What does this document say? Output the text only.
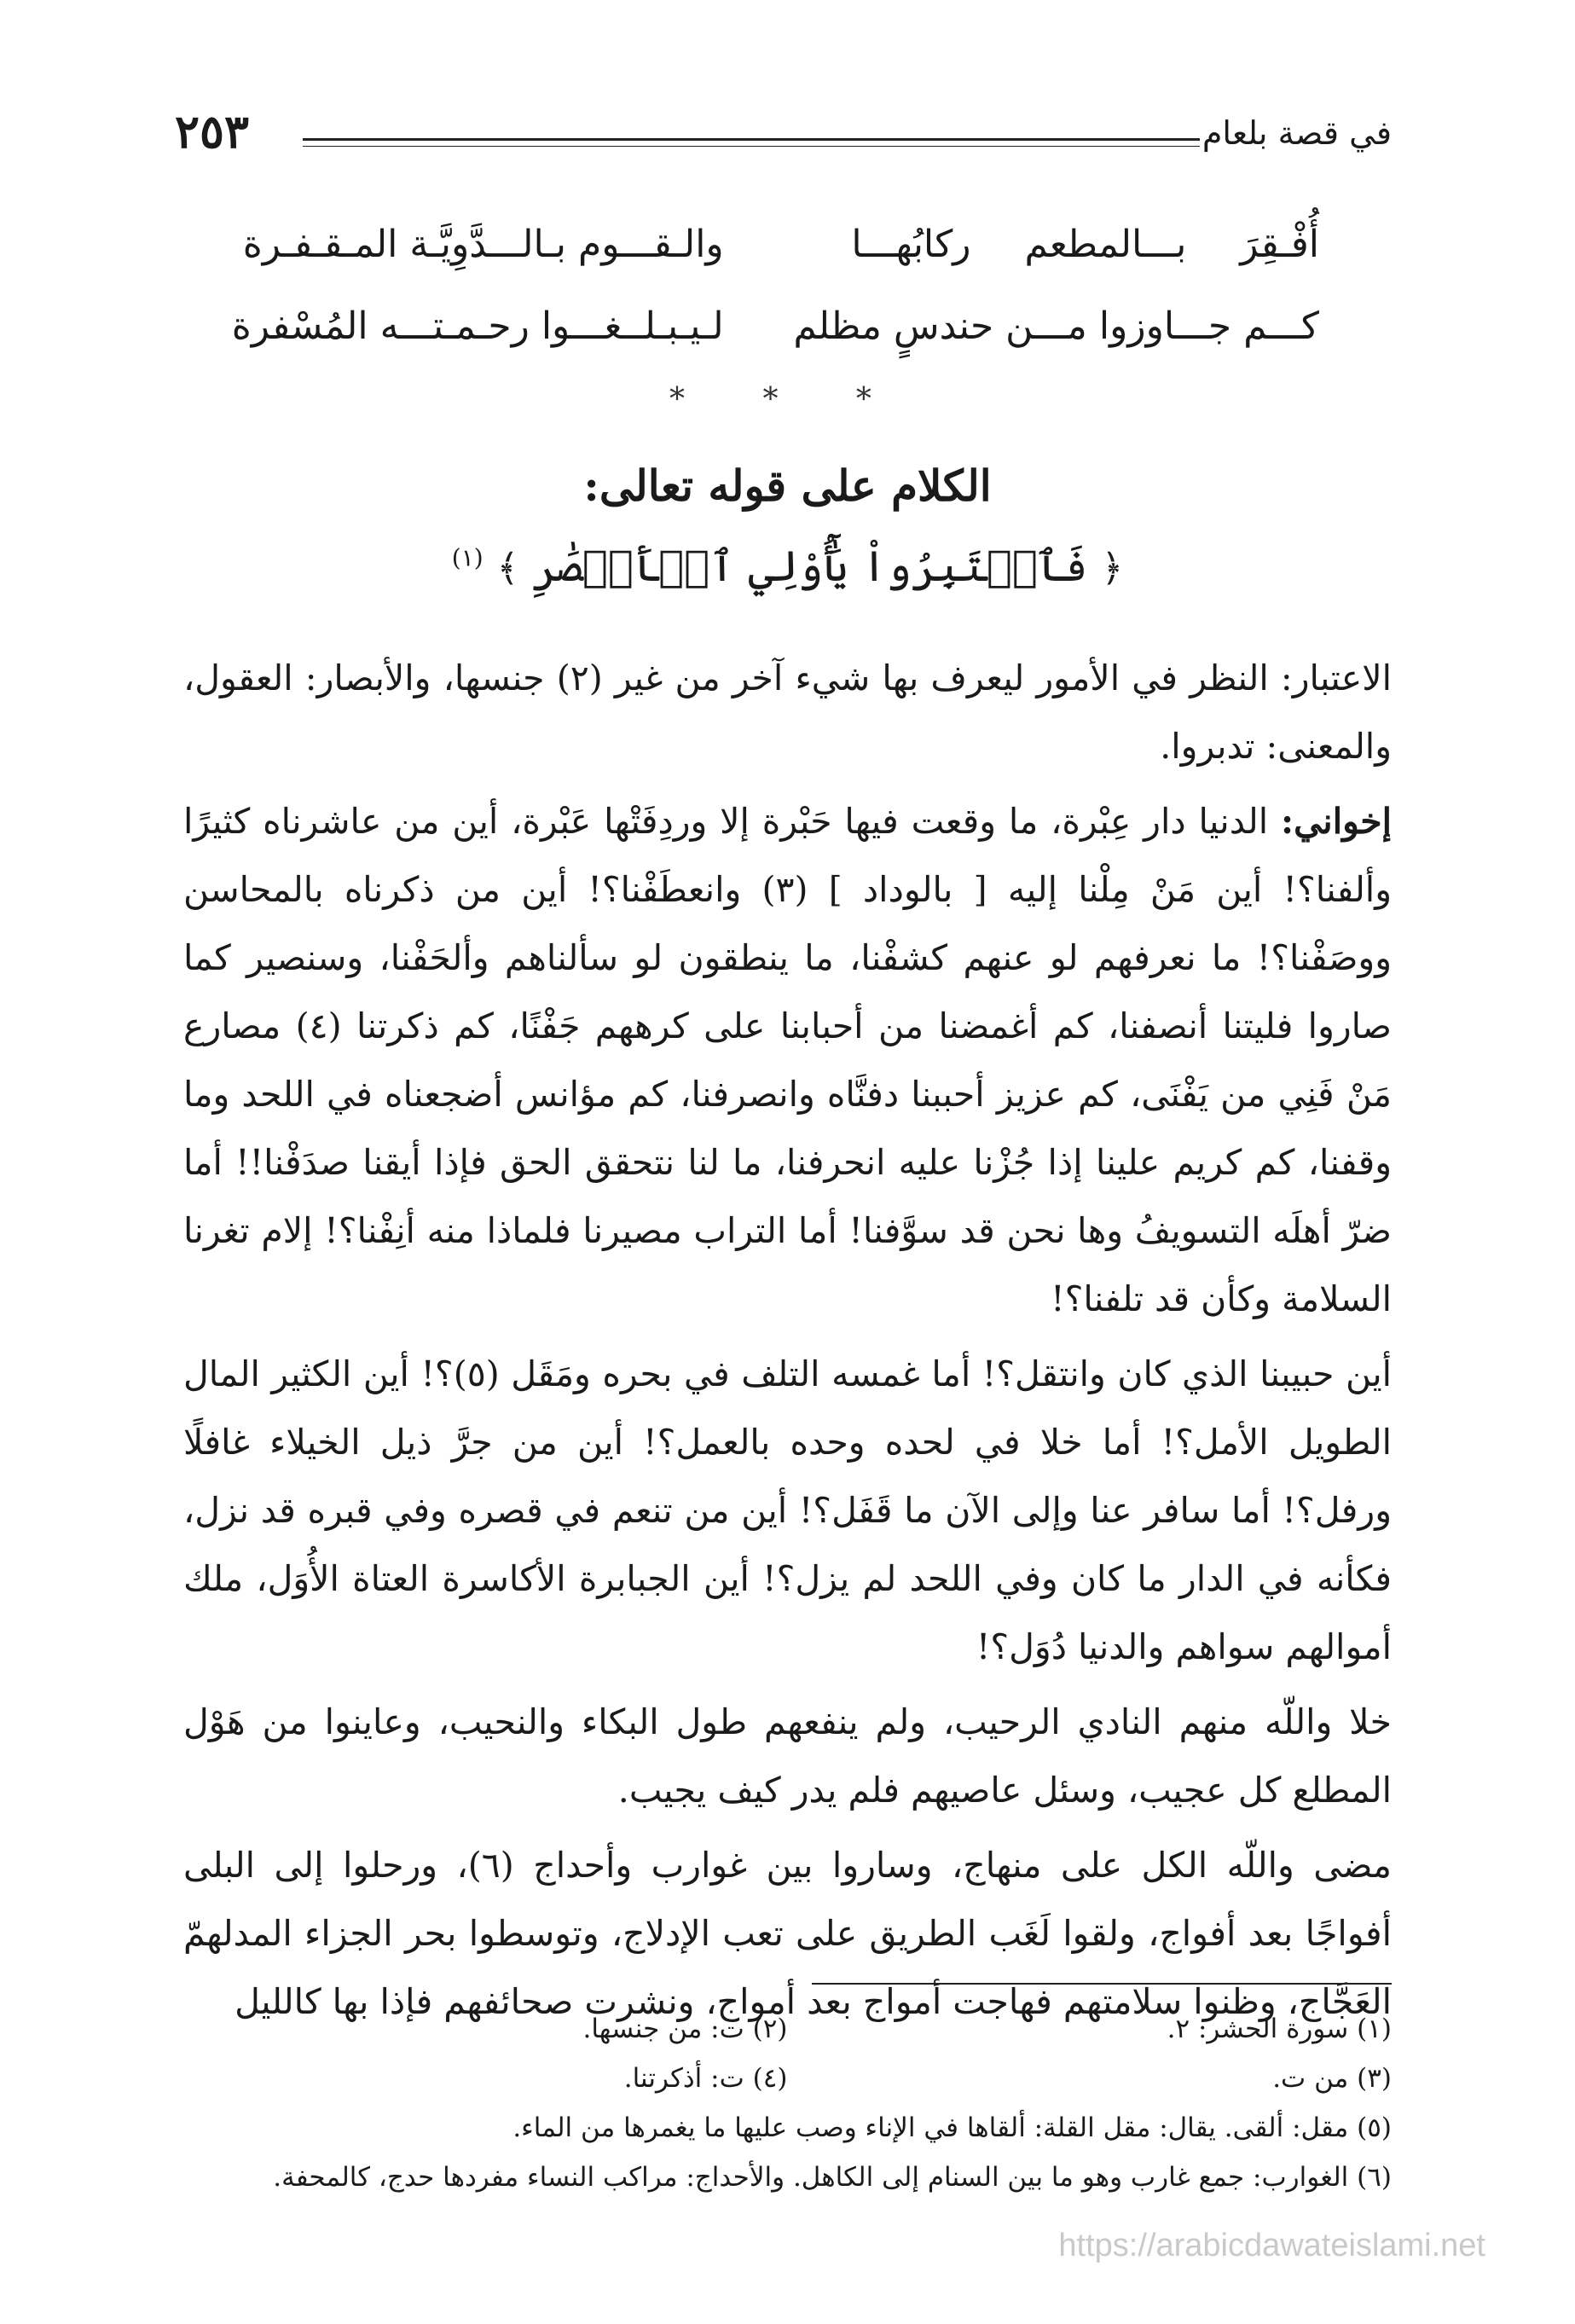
في قصة بلعام
٢٥٣
أُفْـقِرَ بـــالمطعم ركابُهـــا
والـقـــوم بـالـــدَّوِيَّـة المـقـفـرة
كـــم جـــاوزوا مـــن حندسٍ مظلم
لـيـبـلــغـــوا رحـمـتـــه المُسْفرة
* * *
الكلام على قوله تعالى:
﴿ فَٱعۡتَبِرُواْ يَٰٓأُوْلِي ٱلۡأَبۡصَٰرِ ﴾ $^{(١)}$

الاعتبار: النظر في الأمور ليعرف بها شيء آخر من غير (٢) جنسها، والأبصار: العقول، والمعنى: تدبروا.

إخواني: الدنيا دار عِبْرة، ما وقعت فيها حَبْرة إلا وردِفَتْها عَبْرة، أين من عاشرناه كثيرًا وألفنا؟! أين مَنْ مِلْنا إليه [ بالوداد ] (٣) وانعطَفْنا؟! أين من ذكرناه بالمحاسن ووصَفْنا؟! ما نعرفهم لو عنهم كشفْنا، ما ينطقون لو سألناهم وألحَفْنا، وسنصير كما صاروا فليتنا أنصفنا، كم أغمضنا من أحبابنا على كرههم جَفْنًا، كم ذكرتنا (٤) مصارع مَنْ فَنِي من يَفْنَى، كم عزيز أحببنا دفنَّاه وانصرفنا، كم مؤانس أضجعناه في اللحد وما وقفنا، كم كريم علينا إذا جُزْنا عليه انحرفنا، ما لنا نتحقق الحق فإذا أيقنا صدَفْنا!! أما ضرّ أهلَه التسويفُ وها نحن قد سوَّفنا! أما التراب مصيرنا فلماذا منه أنِفْنا؟! إلام تغرنا السلامة وكأن قد تلفنا؟!

أين حبيبنا الذي كان وانتقل؟! أما غمسه التلف في بحره ومَقَل (٥)؟! أين الكثير المال الطويل الأمل؟! أما خلا في لحده وحده بالعمل؟! أين من جرَّ ذيل الخيلاء غافلًا ورفل؟! أما سافر عنا وإلى الآن ما قَفَل؟! أين من تنعم في قصره وفي قبره قد نزل، فكأنه في الدار ما كان وفي اللحد لم يزل؟! أين الجبابرة الأكاسرة العتاة الأُوَل، ملك أموالهم سواهم والدنيا دُوَل؟!

خلا واللّه منهم النادي الرحيب، ولم ينفعهم طول البكاء والنحيب، وعاينوا من هَوْل المطلع كل عجيب، وسئل عاصيهم فلم يدر كيف يجيب.

مضى واللّه الكل على منهاج، وساروا بين غوارب وأحداج (٦)، ورحلوا إلى البلى أفواجًا بعد أفواج، ولقوا لَغَب الطريق على تعب الإدلاج، وتوسطوا بحر الجزاء المدلهمّ العَجَّاج، وظنوا سلامتهم فهاجت أمواج بعد أمواج، ونشرت صحائفهم فإذا بها كالليل

(١) سورة الحشر: ٢.
(٢) ت: من جنسها.
(٣) من ت.
(٤) ت: أذكرتنا.
(٥) مقل: ألقى. يقال: مقل القلة: ألقاها في الإناء وصب عليها ما يغمرها من الماء.
(٦) الغوارب: جمع غارب وهو ما بين السنام إلى الكاهل. والأحداج: مراكب النساء مفردها حدج، كالمحفة.
https://arabicdawateislami.net
